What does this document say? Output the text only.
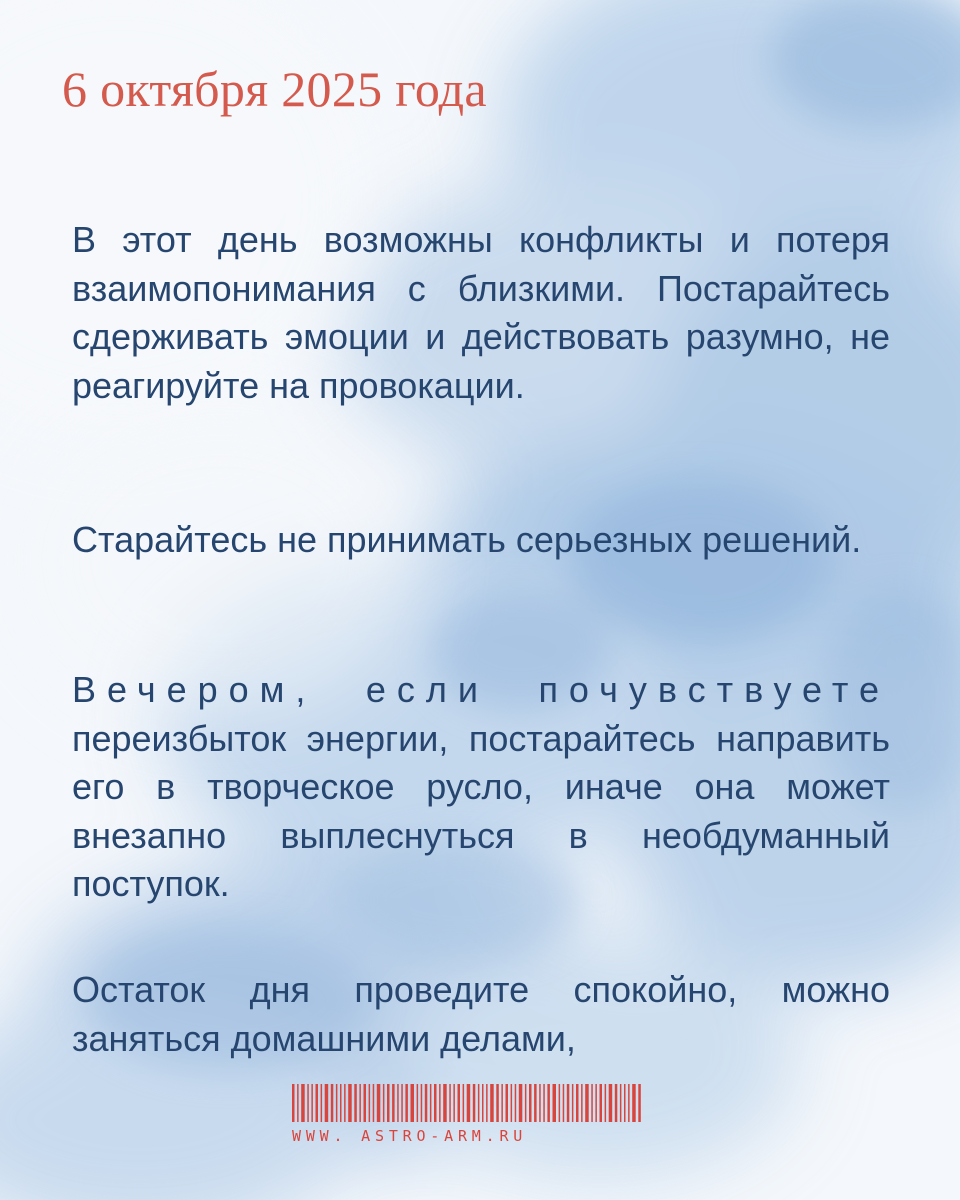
6 октября 2025 года

В этот день возможны конфликты и потеря взаимопонимания с близкими. Постарайтесь сдерживать эмоции и действовать разумно, не реагируйте на провокации.

Старайтесь не принимать серьезных решений.

Вечером, если почувствуете переизбыток энергии, постарайтесь направить его в творческое русло, иначе она может внезапно выплеснуться в необдуманный поступок.

Остаток дня проведите спокойно, можно заняться домашними делами,

WWW. ASTRO-ARM.RU
